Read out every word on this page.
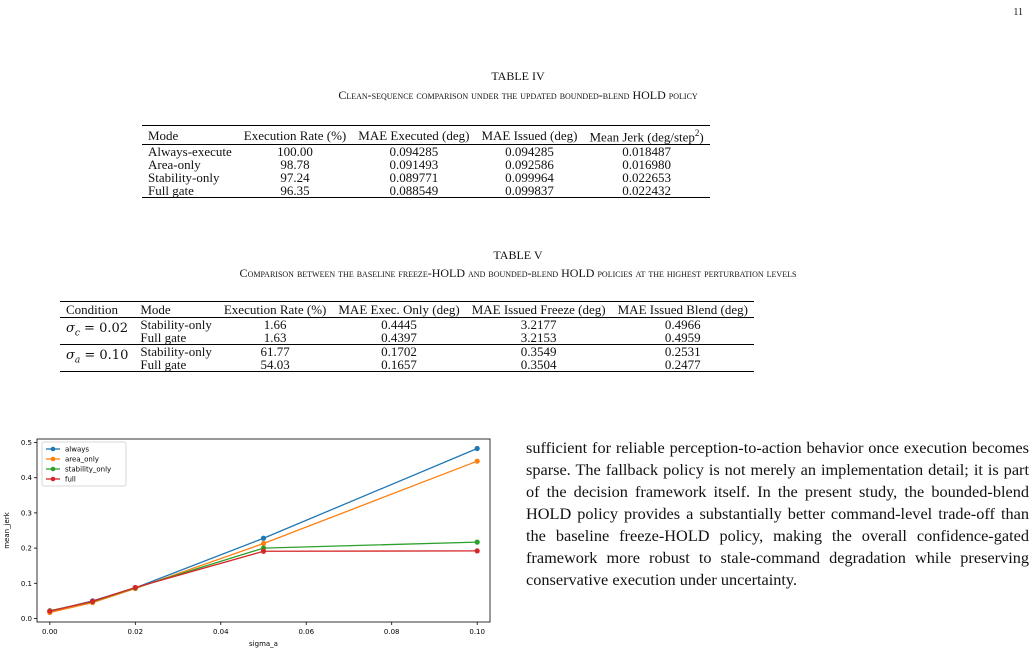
11
TABLE IV
Clean-sequence comparison under the updated bounded-blend HOLD policy
Mode	Execution Rate (%)	MAE Executed (deg)	MAE Issued (deg)	Mean Jerk (deg/step$^2$)
Always-execute	100.00	0.094285	0.094285	0.018487
Area-only	98.78	0.091493	0.092586	0.016980
Stability-only	97.24	0.089771	0.099964	0.022653
Full gate	96.35	0.088549	0.099837	0.022432
TABLE V
Comparison between the baseline freeze-HOLD and bounded-blend HOLD policies at the highest perturbation levels
Condition	Mode	Execution Rate (%)	MAE Exec. Only (deg)	MAE Issued Freeze (deg)	MAE Issued Blend (deg)
$\sigma_c = 0.02$	Stability-only	1.66	0.4445	3.2177	0.4966
	Full gate	1.63	0.4397	3.2153	0.4959
$\sigma_a = 0.10$	Stability-only	61.77	0.1702	0.3549	0.2531
	Full gate	54.03	0.1657	0.3504	0.2477
0.00	0.02	0.04	0.06	0.08	0.10
0.0
0.1
0.2
0.3
0.4
0.5
sigma_a
mean_jerk
always
area_only
stability_only
full
sufficient for reliable perception-to-action behavior once execution becomes sparse. The fallback policy is not merely an implementation detail; it is part of the decision framework itself. In the present study, the bounded-blend HOLD policy provides a substantially better command-level trade-off than the baseline freeze-HOLD policy, making the overall confidence-gated framework more robust to stale-command degradation while preserving conservative execution under uncertainty.
